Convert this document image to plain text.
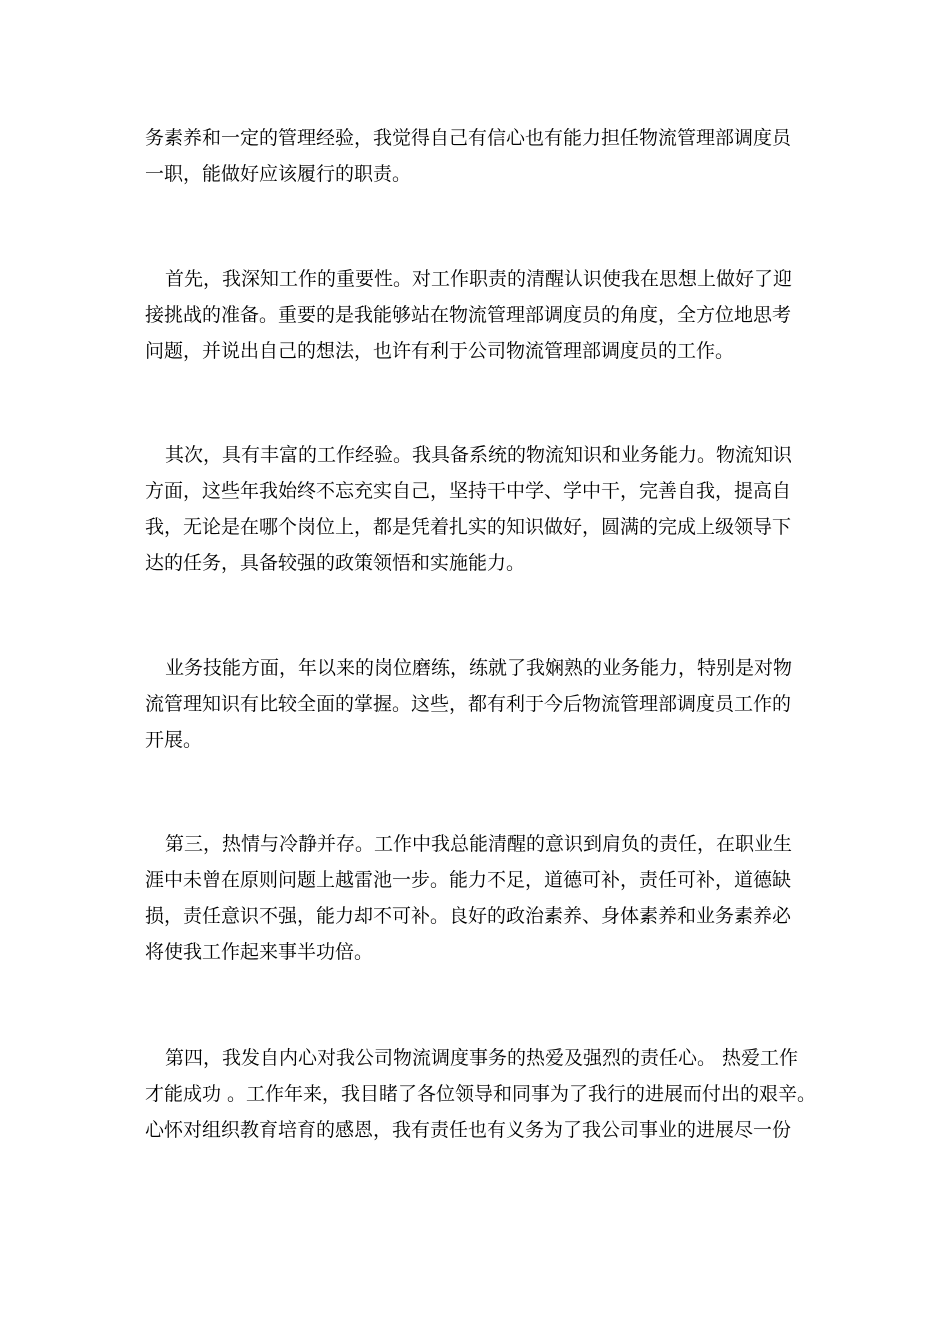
务素养和一定的管理经验，我觉得自己有信心也有能力担任物流管理部调度员
一职，能做好应该履行的职责。
首先，我深知工作的重要性。对工作职责的清醒认识使我在思想上做好了迎
接挑战的准备。重要的是我能够站在物流管理部调度员的角度，全方位地思考
问题，并说出自己的想法，也许有利于公司物流管理部调度员的工作。
其次，具有丰富的工作经验。我具备系统的物流知识和业务能力。物流知识
方面，这些年我始终不忘充实自己，坚持干中学、学中干，完善自我，提高自
我，无论是在哪个岗位上，都是凭着扎实的知识做好，圆满的完成上级领导下
达的任务，具备较强的政策领悟和实施能力。
业务技能方面，年以来的岗位磨练，练就了我娴熟的业务能力，特别是对物
流管理知识有比较全面的掌握。这些，都有利于今后物流管理部调度员工作的
开展。
第三，热情与冷静并存。工作中我总能清醒的意识到肩负的责任，在职业生
涯中未曾在原则问题上越雷池一步。能力不足，道德可补，责任可补，道德缺
损，责任意识不强，能力却不可补。良好的政治素养、身体素养和业务素养必
将使我工作起来事半功倍。
第四，我发自内心对我公司物流调度事务的热爱及强烈的责任心。 热爱工作
才能成功 。工作年来，我目睹了各位领导和同事为了我行的进展而付出的艰辛。
心怀对组织教育培育的感恩，我有责任也有义务为了我公司事业的进展尽一份
